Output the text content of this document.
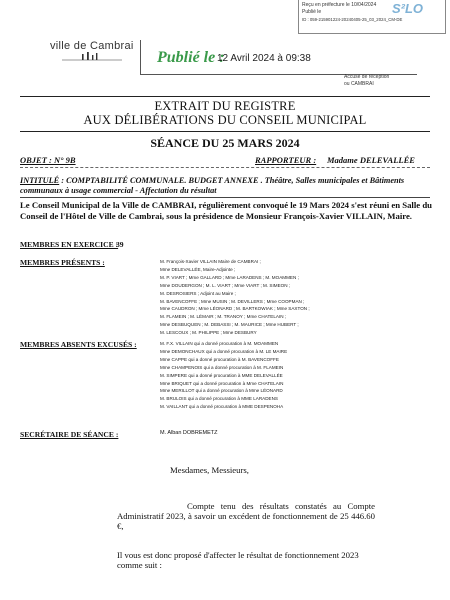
Reçu en préfecture le 10/04/2024
Publié le
ID : 059-215901224-20240405-25_03_2024_CM-DE
S²LO
ville de Cambrai
Publié le :
12 Avril 2024 à 09:38
Accusé de réception
ou CAMBRAI
EXTRAIT DU REGISTRE
AUX DÉLIBÉRATIONS DU CONSEIL MUNICIPAL
SÉANCE DU 25 MARS 2024
OBJET : N° 9B	RAPPORTEUR : Madame DELEVALLÉE
INTITULÉ : COMPTABILITÉ COMMUNALE. BUDGET ANNEXE . Théâtre, Salles municipales et Bâtiments communaux à usage commercial - Affectation du résultat
Le Conseil Municipal de la Ville de CAMBRAI, régulièrement convoqué le 19 Mars 2024 s'est réuni en Salle du Conseil de l'Hôtel de Ville de Cambrai, sous la présidence de Monsieur François-Xavier VILLAIN, Maire.
MEMBRES EN EXERCICE :
39
MEMBRES PRÉSENTS :	M. François-Xavier VILLAIN Maire de CAMBRAI ;
Mme DELEVALLÉE, Maire-Adjointe ;
M. P. VIART ; Mme GALLARD ; Mme LARADENS ; M. MOAMMEN ;
Mme DOUDERGON ; M. L. VIART ; Mme VIART ; M. SIMEON ;
M. DESROSIERS ; Adjoint au Maire ;
M. BAVENCOFFE ; Mme MUSIN ; M. DEVILLERS ; Mme COOPMAN ;
Mme CAUDRON ; Mme LÉONARD ; M. BARTKOWIAK ; Mme SAXTON ;
M. FLAMEIN ; M. LÉMAIR ; M. TRANOY ; Mme CHATELAIN ;
Mme DESBUQUEN ; M. DEBASSI ; M. MAURICE ; Mme HUBERT ;
M. LESCOUX ; M. PHILIPPE ; Mme DESBURY
MEMBRES ABSENTS EXCUSÉS :	M. F.X. VILLAIN qui a donné procuration à M. MOAMMEN
Mme DEMONCHAUX qui a donné procuration à M. LE MAIRE
Mme CAPPE qui a donné procuration à M. BAVENCOFFE
Mme CHAMPENOIS qui a donné procuration à M. FLAMEIN
M. SIMPERE qui a donné procuration à MME DELEVALLÉE
Mme BRIQUET qui a donné procuration à Mme CHATELAIN
Mme MERILLOT qui a donné procuration à Mme LÉONARD
M. BRULOIS qui a donné procuration à MME LARADENS
M. VAILLANT qui a donné procuration à MME DESPENOHA
SECRÉTAIRE DE SÉANCE :	M. Alban DOBREMETZ
Mesdames, Messieurs,
Compte tenu des résultats constatés au Compte Administratif 2023, à savoir un excédent de fonctionnement de 25 446.60 €,
Il vous est donc proposé d'affecter le résultat de fonctionnement 2023 comme suit :
